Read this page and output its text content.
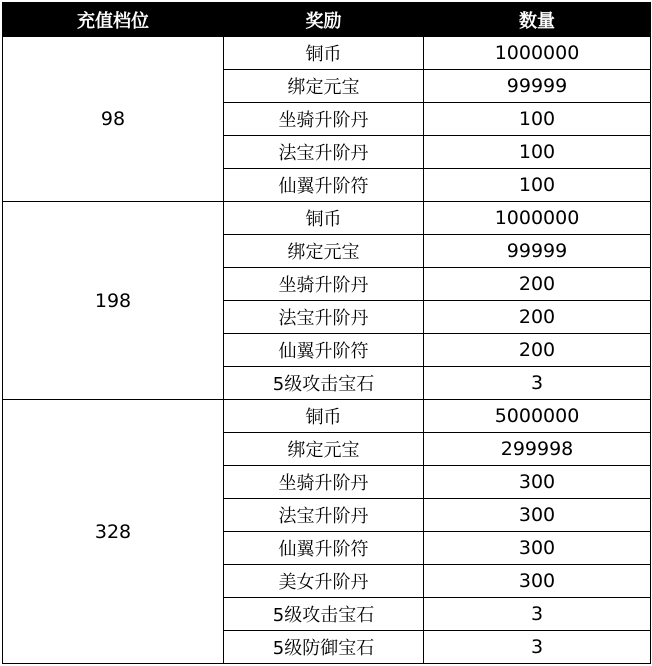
充值档位	奖励	数量
98	铜币	1000000
	绑定元宝	99999
	坐骑升阶丹	100
	法宝升阶丹	100
	仙翼升阶符	100
198	铜币	1000000
	绑定元宝	99999
	坐骑升阶丹	200
	法宝升阶丹	200
	仙翼升阶符	200
	5级攻击宝石	3
328	铜币	5000000
	绑定元宝	299998
	坐骑升阶丹	300
	法宝升阶丹	300
	仙翼升阶符	300
	美女升阶丹	300
	5级攻击宝石	3
	5级防御宝石	3
